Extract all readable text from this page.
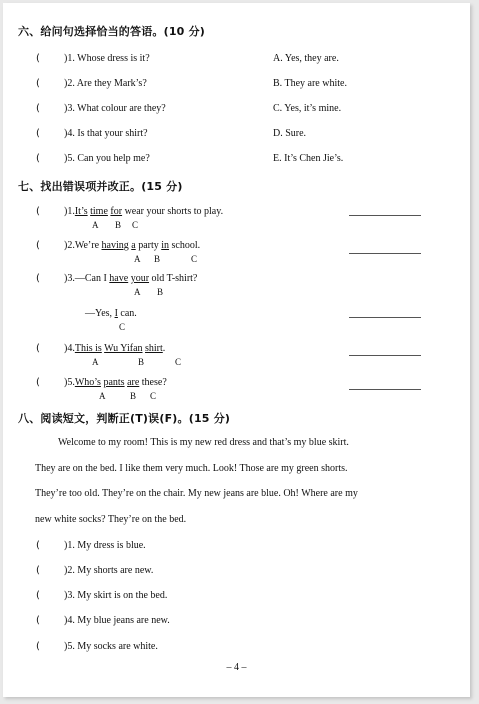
六、给问句选择恰当的答语。(10 分)
( )1. Whose dress is it?	A. Yes, they are.
( )2. Are they Mark’s?	B. They are white.
( )3. What colour are they?	C. Yes, it’s mine.
( )4. Is that your shirt?	D. Sure.
( )5. Can you help me?	E. It’s Chen Jie’s.
七、找出错误项并改正。(15 分)
( )1.It’s time for wear your shorts to play.
A B C
( )2.We’re having a party in school.
A B	C
( )3.—Can I have your old T-shirt?
A B
—Yes, I can.
C
( )4.This is Wu Yifan shirt.
A	B	C
( )5.Who’s pants are these?
A	B C
八、阅读短文，判断正(T)误(F)。(15 分)
Welcome to my room! This is my new red dress and that’s my blue skirt.
They are on the bed. I like them very much. Look! Those are my green shorts.
They’re too old. They’re on the chair. My new jeans are blue. Oh! Where are my
new white socks? They’re on the bed.
( )1. My dress is blue.
( )2. My shorts are new.
( )3. My skirt is on the bed.
( )4. My blue jeans are new.
( )5. My socks are white.
– 4 –
